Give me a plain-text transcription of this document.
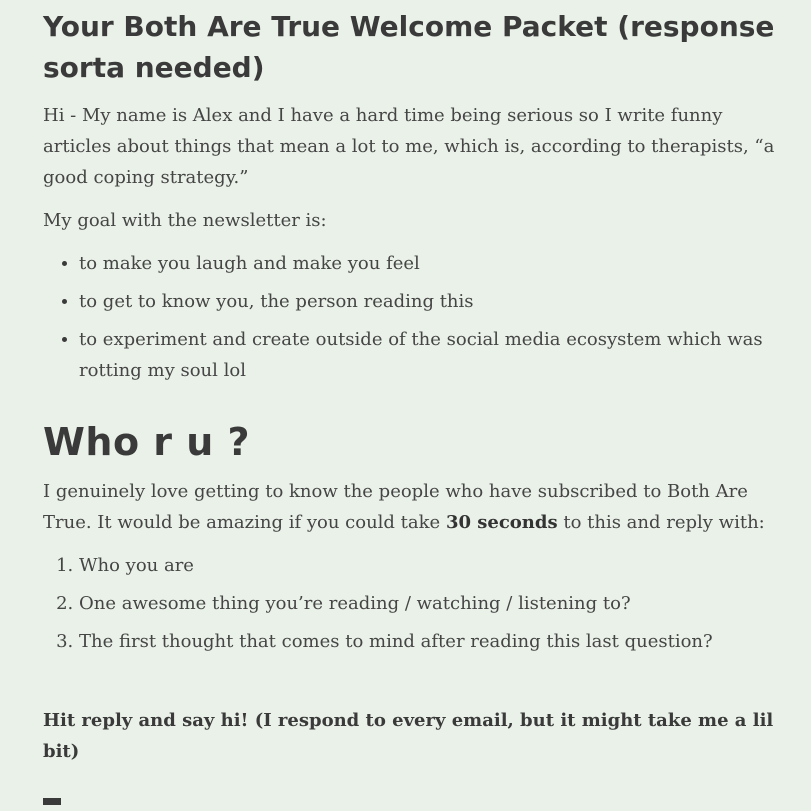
Your Both Are True Welcome Packet (response sorta needed)

Hi - My name is Alex and I have a hard time being serious so I write funny articles about things that mean a lot to me, which is, according to therapists, “a good coping strategy.”

My goal with the newsletter is:

• to make you laugh and make you feel
• to get to know you, the person reading this
• to experiment and create outside of the social media ecosystem which was rotting my soul lol
Who r u ?

I genuinely love getting to know the people who have subscribed to Both Are True. It would be amazing if you could take 30 seconds to this and reply with:

1. Who you are
2. One awesome thing you’re reading / watching / listening to?
3. The first thought that comes to mind after reading this last question?

Hit reply and say hi! (I respond to every email, but it might take me a lil bit)
